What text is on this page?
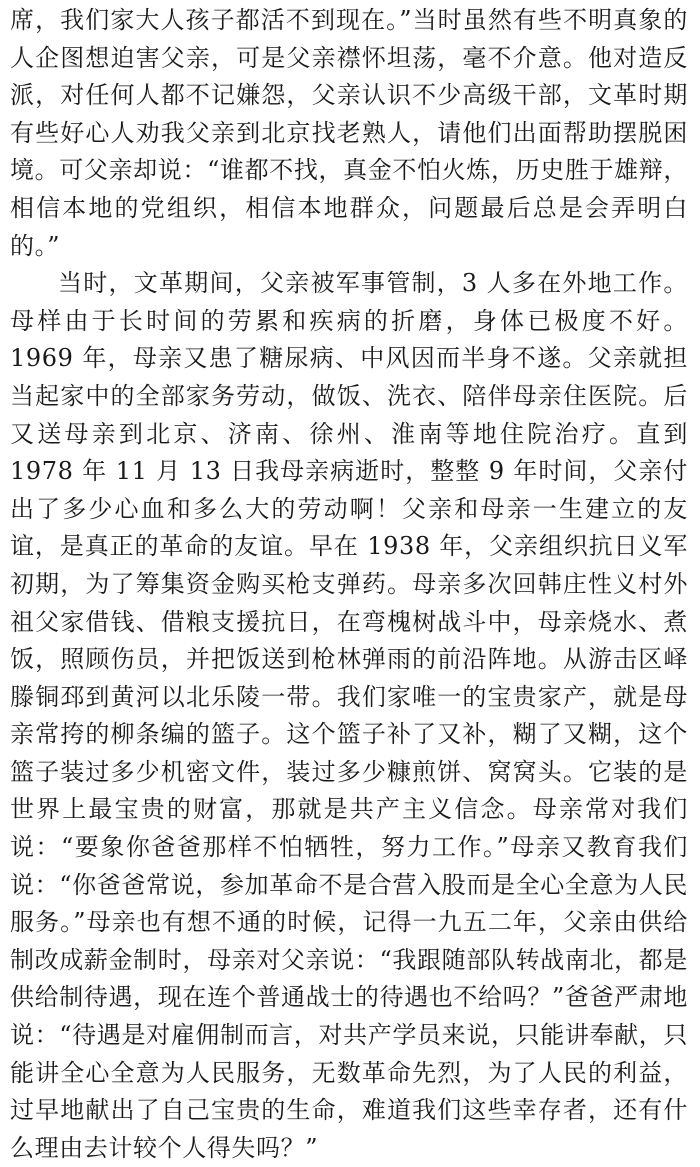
席，我们家大人孩子都活不到现在。”当时虽然有些不明真象的人企图想迫害父亲，可是父亲襟怀坦荡，毫不介意。他对造反派，对任何人都不记嫌怨，父亲认识不少高级干部，文革时期有些好心人劝我父亲到北京找老熟人，请他们出面帮助摆脱困境。可父亲却说：“谁都不找，真金不怕火炼，历史胜于雄辩，相信本地的党组织，相信本地群众，问题最后总是会弄明白的。”

当时，文革期间，父亲被军事管制，3 人多在外地工作。母样由于长时间的劳累和疾病的折磨，身体已极度不好。1969 年，母亲又患了糖尿病、中风因而半身不遂。父亲就担当起家中的全部家务劳动，做饭、洗衣、陪伴母亲住医院。后又送母亲到北京、济南、徐州、淮南等地住院治疗。直到 1978 年 11 月 13 日我母亲病逝时，整整 9 年时间，父亲付出了多少心血和多么大的劳动啊！父亲和母亲一生建立的友谊，是真正的革命的友谊。早在 1938 年，父亲组织抗日义军初期，为了筹集资金购买枪支弹药。母亲多次回韩庄性义村外祖父家借钱、借粮支援抗日，在弯槐树战斗中，母亲烧水、煮饭，照顾伤员，并把饭送到枪林弹雨的前沿阵地。从游击区峄滕铜邳到黄河以北乐陵一带。我们家唯一的宝贵家产，就是母亲常挎的柳条编的篮子。这个篮子补了又补，糊了又糊，这个篮子装过多少机密文件，装过多少糠煎饼、窝窝头。它装的是世界上最宝贵的财富，那就是共产主义信念。母亲常对我们说：“要象你爸爸那样不怕牺牲，努力工作。”母亲又教育我们说：“你爸爸常说，参加革命不是合营入股而是全心全意为人民服务。”母亲也有想不通的时候，记得一九五二年，父亲由供给制改成薪金制时，母亲对父亲说：“我跟随部队转战南北，都是供给制待遇，现在连个普通战士的待遇也不给吗？”爸爸严肃地说：“待遇是对雇佣制而言，对共产学员来说，只能讲奉献，只能讲全心全意为人民服务，无数革命先烈，为了人民的利益，过早地献出了自己宝贵的生命，难道我们这些幸存者，还有什么理由去计较个人得失吗？”
